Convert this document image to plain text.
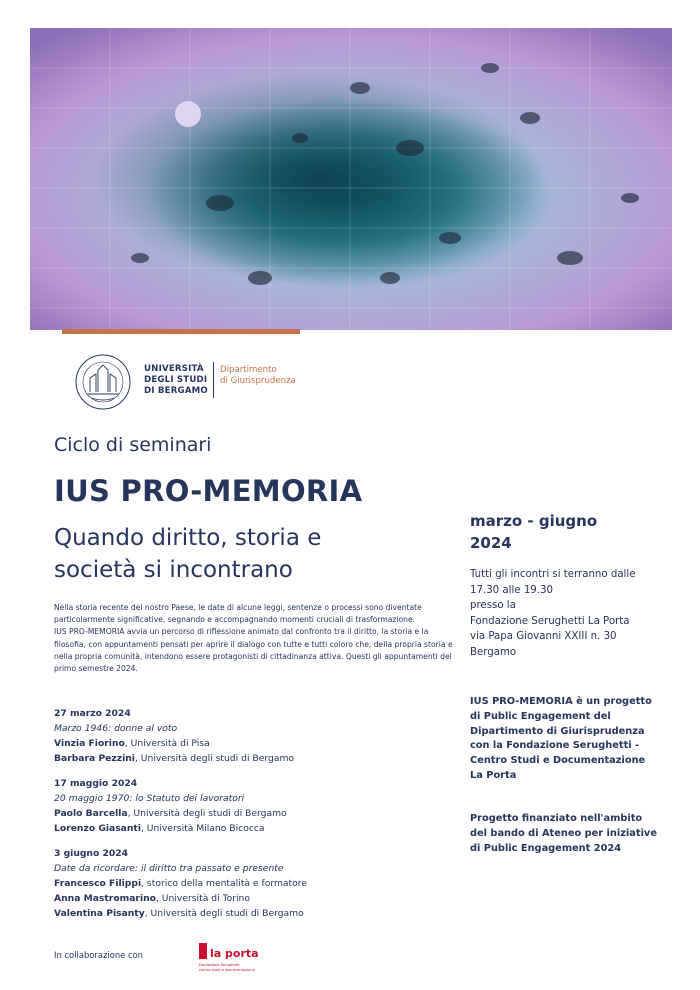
UNIVERSITÀ
DEGLI STUDI
DI BERGAMO
Dipartimento
di Giurisprudenza
Ciclo di seminari
IUS PRO-MEMORIA
Quando diritto, storia e
società si incontrano

Nella storia recente del nostro Paese, le date di alcune leggi, sentenze o processi sono diventate particolarmente significative, segnando e accompagnando momenti cruciali di trasformazione.

IUS PRO-MEMORIA avvia un percorso di riflessione animato dal confronto tra il diritto, la storia e la filosofia, con appuntamenti pensati per aprire il dialogo con tutte e tutti coloro che, della propria storia e nella propria comunità, intendono essere protagonisti di cittadinanza attiva. Questi gli appuntamenti del primo semestre 2024.

27 marzo 2024
Marzo 1946: donne al voto
Vinzia Fiorino, Università di Pisa
Barbara Pezzini, Università degli studi di Bergamo
17 maggio 2024
20 maggio 1970: lo Statuto dei lavoratori
Paolo Barcella, Università degli studi di Bergamo
Lorenzo Giasanti, Università Milano Bicocca
3 giugno 2024
Date da ricordare: il diritto tra passato e presente
Francesco Filippi, storico della mentalità e formatore
Anna Mastromarino, Università di Torino
Valentina Pisanty, Università degli studi di Bergamo
In collaborazione con	la porta
Fondazione Serughetti
centro studi e documentazione
marzo - giugno
2024
Tutti gli incontri si terranno dalle
17.30 alle 19.30
presso la
Fondazione Serughetti La Porta
via Papa Giovanni XXIII n. 30
Bergamo
IUS PRO-MEMORIA è un progetto di Public Engagement del Dipartimento di Giurisprudenza con la Fondazione Serughetti - Centro Studi e Documentazione La Porta
Progetto finanziato nell'ambito del bando di Ateneo per iniziative di Public Engagement 2024
